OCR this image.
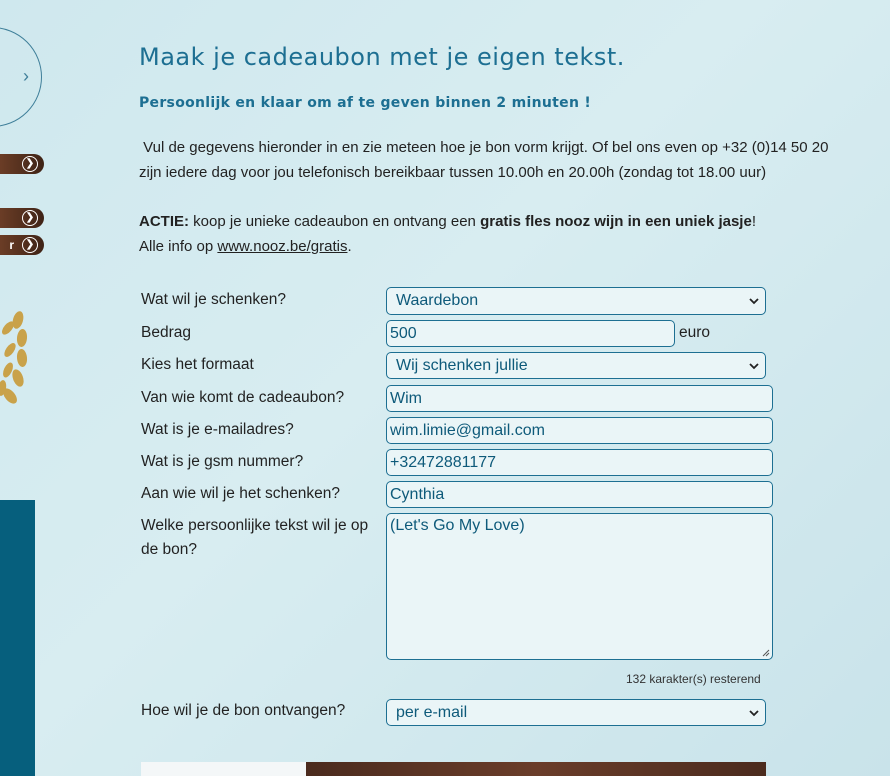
›
❯
❯
r	❯
Maak je cadeaubon met je eigen tekst.
Persoonlijk en klaar om af te geven binnen 2 minuten !

Vul de gegevens hieronder in en zie meteen hoe je bon vorm krijgt. Of bel ons even op +32 (0)14 50 20
zijn iedere dag voor jou telefonisch bereikbaar tussen 10.00h en 20.00h (zondag tot 18.00 uur)

ACTIE: koop je unieke cadeaubon en ontvang een gratis fles nooz wijn in een uniek jasje!
Alle info op www.nooz.be/gratis.

Wat wil je schenken?	Waardebon
Bedrag	500	euro
Kies het formaat	Wij schenken jullie
Van wie komt de cadeaubon?	Wim
Wat is je e-mailadres?	wim.limie@gmail.com
Wat is je gsm nummer?	+32472881177
Aan wie wil je het schenken?	Cynthia
Welke persoonlijke tekst wil je op
de bon?
(Let's Go My Love)
132 karakter(s) resterend
Hoe wil je de bon ontvangen?	per e-mail
